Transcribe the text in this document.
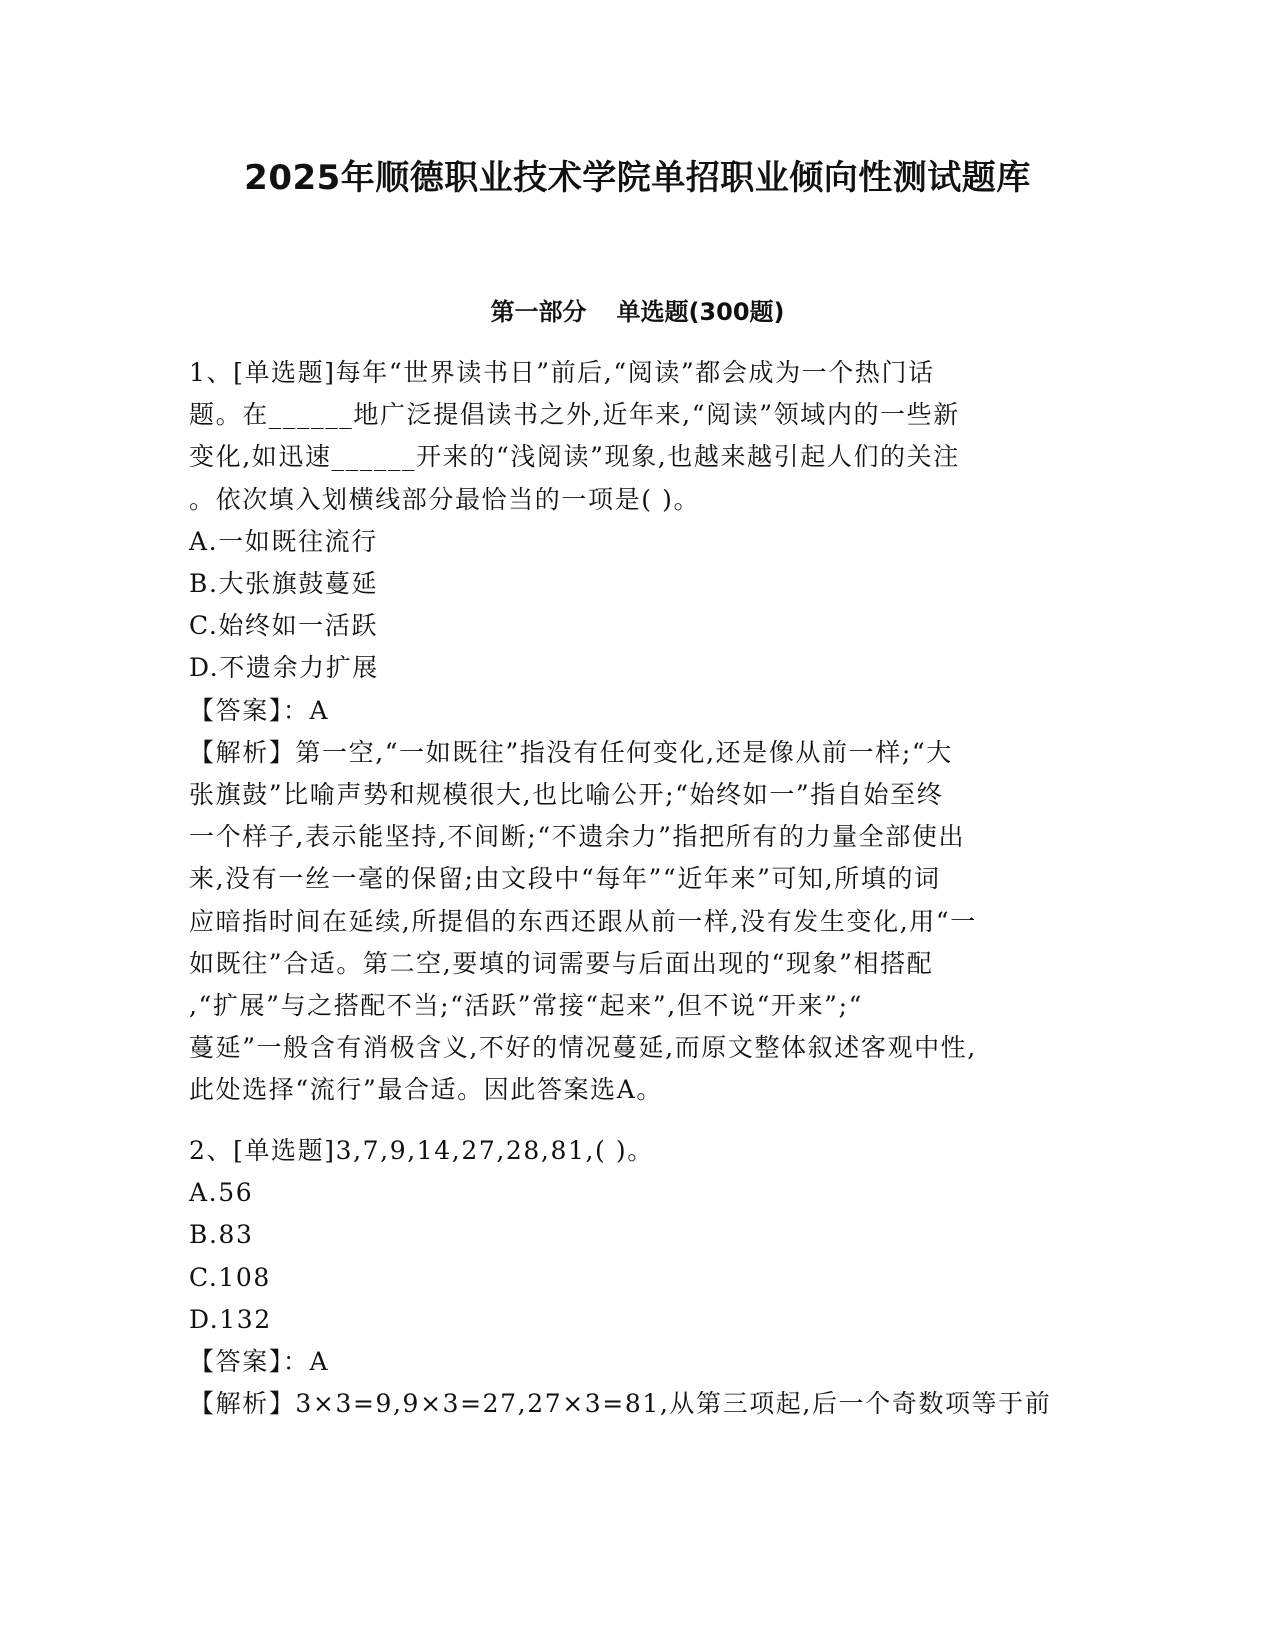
2025年顺德职业技术学院单招职业倾向性测试题库
第一部分 单选题(300题)
1、[单选题]每年“世界读书日”前后,“阅读”都会成为一个热门话
题。在______地广泛提倡读书之外,近年来,“阅读”领域内的一些新
变化,如迅速______开来的“浅阅读”现象,也越来越引起人们的关注
。依次填入划横线部分最恰当的一项是( )。
A.一如既往流行
B.大张旗鼓蔓延
C.始终如一活跃
D.不遗余力扩展
【答案】：A
【解析】第一空,“一如既往”指没有任何变化,还是像从前一样;“大
张旗鼓”比喻声势和规模很大,也比喻公开;“始终如一”指自始至终
一个样子,表示能坚持,不间断;“不遗余力”指把所有的力量全部使出
来,没有一丝一毫的保留;由文段中“每年”“近年来”可知,所填的词
应暗指时间在延续,所提倡的东西还跟从前一样,没有发生变化,用“一
如既往”合适。第二空,要填的词需要与后面出现的“现象”相搭配
,“扩展”与之搭配不当;“活跃”常接“起来”,但不说“开来”;“
蔓延”一般含有消极含义,不好的情况蔓延,而原文整体叙述客观中性,
此处选择“流行”最合适。因此答案选A。
2、[单选题]3,7,9,14,27,28,81,( )。
A.56
B.83
C.108
D.132
【答案】：A
【解析】3×3=9,9×3=27,27×3=81,从第三项起,后一个奇数项等于前
